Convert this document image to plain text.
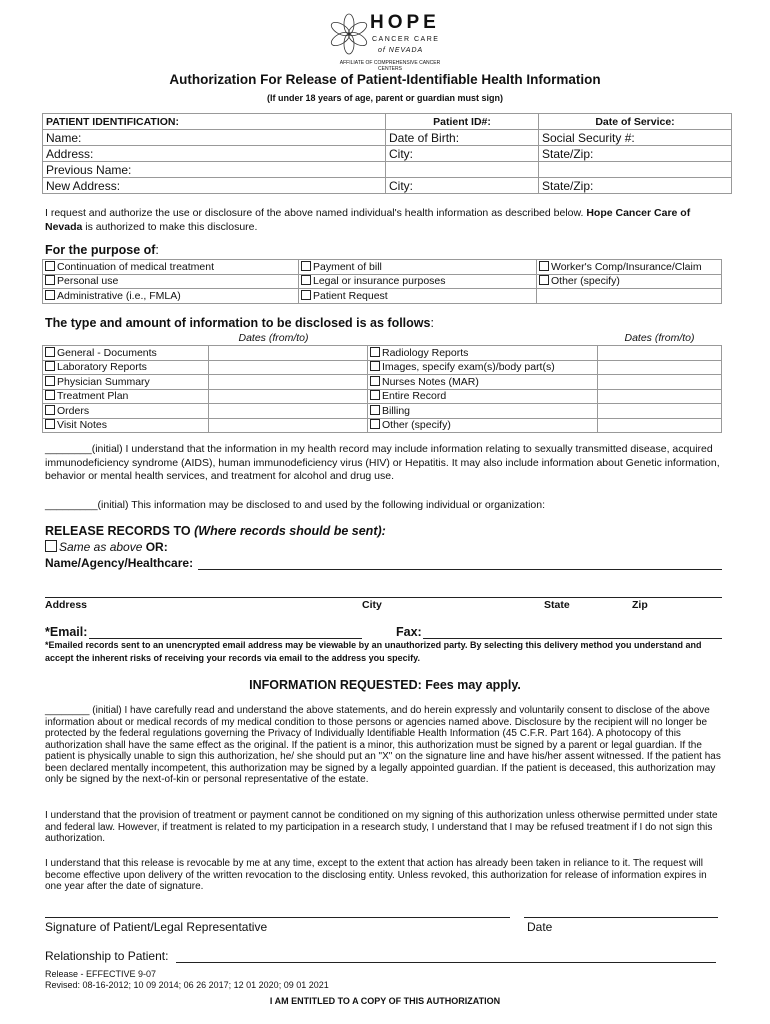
HOPE
CANCER CARE
of NEVADA
AFFILIATE OF COMPREHENSIVE CANCER CENTERS
Authorization For Release of Patient-Identifiable Health Information
(If under 18 years of age, parent or guardian must sign)
PATIENT IDENTIFICATION:	Patient ID#:	Date of Service:
Name:	Date of Birth:	Social Security #:
Address:	City:	State/Zip:
Previous Name:		
New Address:	City:	State/Zip:
I request and authorize the use or disclosure of the above named individual's health information as described below. Hope Cancer Care of Nevada is authorized to make this disclosure.
For the purpose of:
Continuation of medical treatment	Payment of bill	Worker's Comp/Insurance/Claim
Personal use	Legal or insurance purposes	Other (specify)
Administrative (i.e., FMLA)	Patient Request	
The type and amount of information to be disclosed is as follows:
	Dates (from/to)		Dates (from/to)
General - Documents		Radiology Reports	
Laboratory Reports		Images, specify exam(s)/body part(s)	
Physician Summary		Nurses Notes (MAR)	
Treatment Plan		Entire Record	
Orders		Billing	
Visit Notes		Other (specify)	
________(initial) I understand that the information in my health record may include information relating to sexually transmitted disease, acquired immunodeficiency syndrome (AIDS), human immunodeficiency virus (HIV) or Hepatitis. It may also include information about Genetic information, behavior or mental health services, and treatment for alcohol and drug use.
_________(initial) This information may be disclosed to and used by the following individual or organization:
RELEASE RECORDS TO (Where records should be sent):
Same as above OR:
Name/Agency/Healthcare:
Address	City	State	Zip
*Email:	Fax:
*Emailed records sent to an unencrypted email address may be viewable by an unauthorized party. By selecting this delivery method you understand and accept the inherent risks of receiving your records via email to the address you specify.
INFORMATION REQUESTED: Fees may apply.
________ (initial) I have carefully read and understand the above statements, and do herein expressly and voluntarily consent to disclose of the above information about or medical records of my medical condition to those persons or agencies named above. Disclosure by the recipient will no longer be protected by the federal regulations governing the Privacy of Individually Identifiable Health Information (45 C.F.R. Part 164). A photocopy of this authorization shall have the same effect as the original. If the patient is a minor, this authorization must be signed by a parent or legal guardian. If the patient is physically unable to sign this authorization, he/ she should put an "X" on the signature line and have his/her assent witnessed. If the patient has been declared mentally incompetent, this authorization may be signed by a legally appointed guardian. If the patient is deceased, this authorization may only be signed by the next-of-kin or personal representative of the estate.
I understand that the provision of treatment or payment cannot be conditioned on my signing of this authorization unless otherwise permitted under state and federal law. However, if treatment is related to my participation in a research study, I understand that I may be refused treatment if I do not sign this authorization.
I understand that this release is revocable by me at any time, except to the extent that action has already been taken in reliance to it. The request will become effective upon delivery of the written revocation to the disclosing entity. Unless revoked, this authorization for release of information expires in one year after the date of signature.
Signature of Patient/Legal Representative	Date
Relationship to Patient:
Release - EFFECTIVE 9-07
Revised: 08-16-2012; 10 09 2014; 06 26 2017; 12 01 2020; 09 01 2021
I AM ENTITLED TO A COPY OF THIS AUTHORIZATION
